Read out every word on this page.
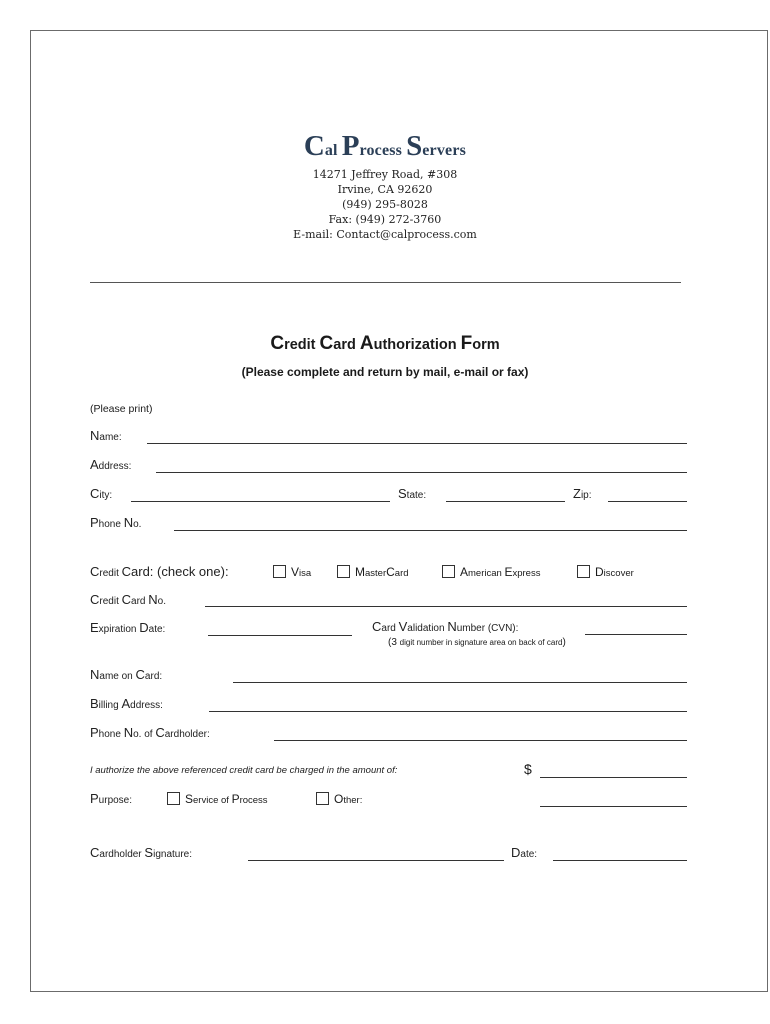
Cal Process Servers
14271 Jeffrey Road, #308
Irvine, CA 92620
(949) 295-8028
Fax: (949) 272-3760
E-mail: Contact@calprocess.com
Credit Card Authorization Form
(Please complete and return by mail, e-mail or fax)
(Please print)
Name:
Address:
City:	State:	Zip:
Phone No.
Credit Card: (check one):	Visa	MasterCard	American Express	Discover
Credit Card No.
Expiration Date:	Card Validation Number (CVN):
(3 digit number in signature area on back of card)
Name on Card:
Billing Address:
Phone No. of Cardholder:
I authorize the above referenced credit card be charged in the amount of:	$
Purpose:	Service of Process	Other:
Cardholder Signature:	Date:
